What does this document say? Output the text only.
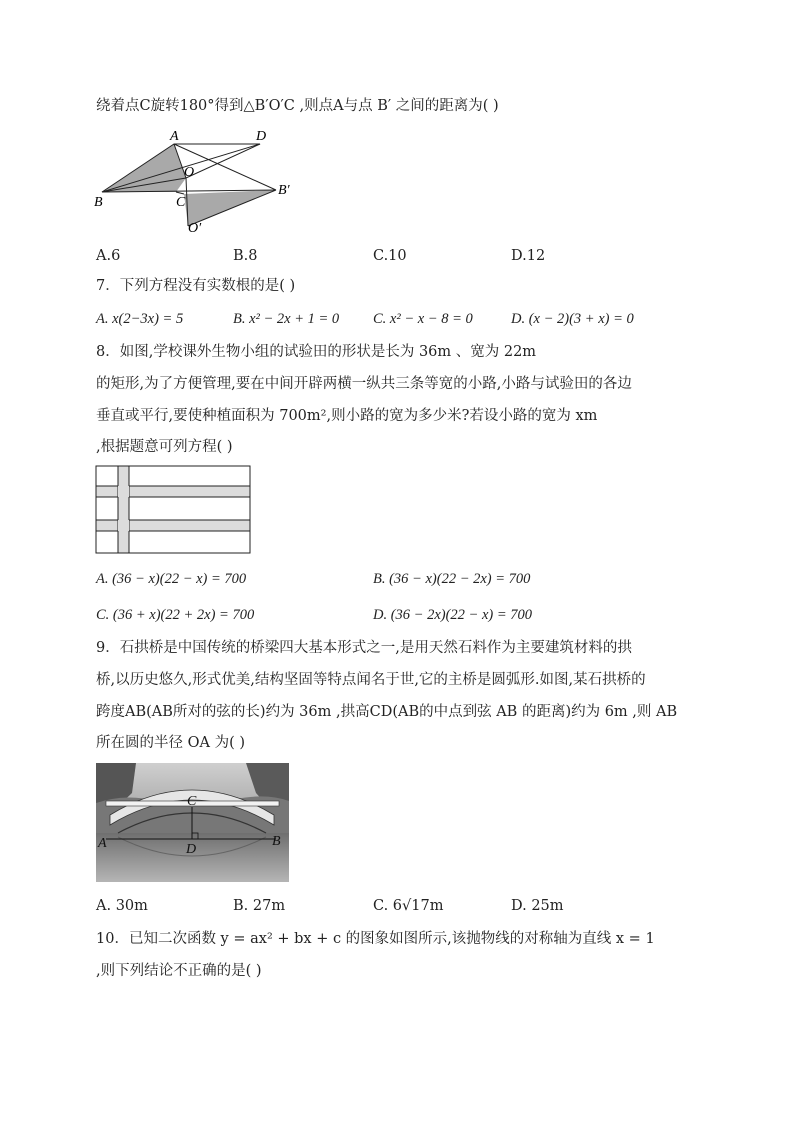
绕着点C旋转180°得到△B′O′C ,则点A与点 B′ 之间的距离为( )
A	D
O
B	C
B′
O′
A.6	B.8	C.10	D.12
7．下列方程没有实数根的是( )
A. x(2−3x) = 5	B. x² − 2x + 1 = 0 C. x² − x − 8 = 0	D. (x − 2)(3 + x) = 0
8．如图,学校课外生物小组的试验田的形状是长为 36m 、宽为 22m
的矩形,为了方便管理,要在中间开辟两横一纵共三条等宽的小路,小路与试验田的各边
垂直或平行,要使种植面积为 700m²,则小路的宽为多少米?若设小路的宽为 xm
,根据题意可列方程( )
A. (36 − x)(22 − x) = 700	B. (36 − x)(22 − 2x) = 700
C. (36 + x)(22 + 2x) = 700	D. (36 − 2x)(22 − x) = 700
9．石拱桥是中国传统的桥梁四大基本形式之一,是用天然石料作为主要建筑材料的拱
桥,以历史悠久,形式优美,结构坚固等特点闻名于世,它的主桥是圆弧形.如图,某石拱桥的
跨度AB(AB所对的弦的长)约为 36m ,拱高CD(AB的中点到弦 AB 的距离)约为 6m ,则 AB
所在圆的半径 OA 为( )
C
A	D
B
A. 30m	B. 27m	C. 6√17m	D. 25m
10．已知二次函数 y = ax² + bx + c 的图象如图所示,该抛物线的对称轴为直线 x = 1
,则下列结论不正确的是( )
